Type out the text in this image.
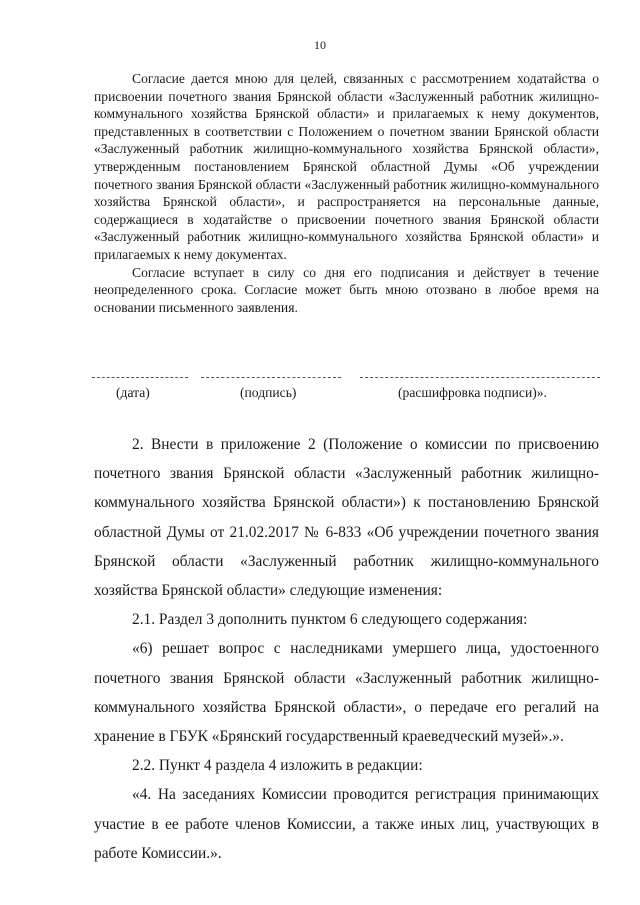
10

Согласие дается мною для целей, связанных с рассмотрением ходатайства о присвоении почетного звания Брянской области «Заслуженный работник жилищно-коммунального хозяйства Брянской области» и прилагаемых к нему документов, представленных в соответствии с Положением о почетном звании Брянской области «Заслуженный работник жилищно-коммунального хозяйства Брянской области», утвержденным постановлением Брянской областной Думы «Об учреждении почетного звания Брянской области «Заслуженный работник жилищно-коммунального хозяйства Брянской области», и распространяется на персональные данные, содержащиеся в ходатайстве о присвоении почетного звания Брянской области «Заслуженный работник жилищно-коммунального хозяйства Брянской области» и прилагаемых к нему документах.

Согласие вступает в силу со дня его подписания и действует в течение неопределенного срока. Согласие может быть мною отозвано в любое время на основании письменного заявления.

(дата)	(подпись)	(расшифровка подписи)».

2. Внести в приложение 2 (Положение о комиссии по присвоению почетного звания Брянской области «Заслуженный работник жилищно-коммунального хозяйства Брянской области») к постановлению Брянской областной Думы от 21.02.2017 № 6-833 «Об учреждении почетного звания Брянской области «Заслуженный работник жилищно-коммунального хозяйства Брянской области» следующие изменения:

2.1. Раздел 3 дополнить пунктом 6 следующего содержания:

«6) решает вопрос с наследниками умершего лица, удостоенного почетного звания Брянской области «Заслуженный работник жилищно-коммунального хозяйства Брянской области», о передаче его регалий на хранение в ГБУК «Брянский государственный краеведческий музей».».

2.2. Пункт 4 раздела 4 изложить в редакции:

«4. На заседаниях Комиссии проводится регистрация принимающих участие в ее работе членов Комиссии, а также иных лиц, участвующих в работе Комиссии.».
